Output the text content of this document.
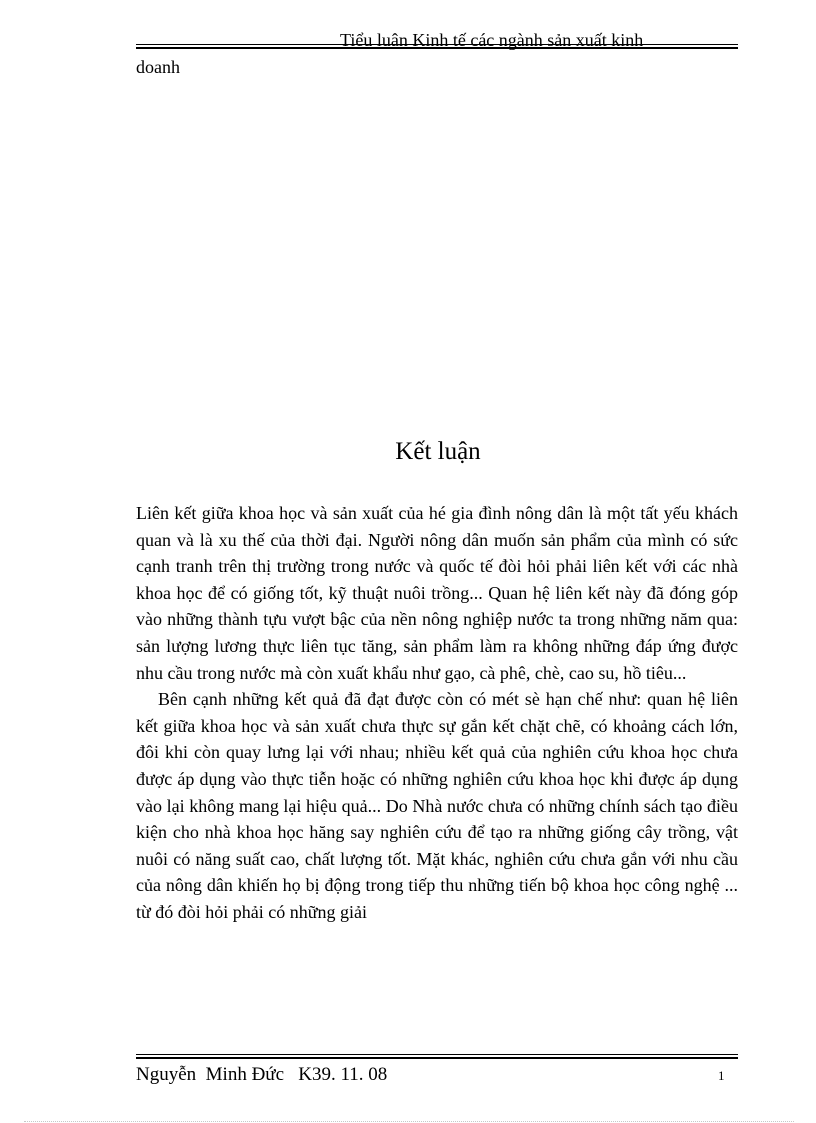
Tiểu luận Kinh tế các ngành sản xuất kinh
doanh
Kết luận

Liên kết giữa khoa học và sản xuất của hé gia đình nông dân là một tất yếu khách quan và là xu thế của thời đại. Người nông dân muốn sản phẩm của mình có sức cạnh tranh trên thị trường trong nước và quốc tế đòi hỏi phải liên kết với các nhà khoa học để có giống tốt, kỹ thuật nuôi trồng... Quan hệ liên kết này đã đóng góp vào những thành tựu vượt bậc của nền nông nghiệp nước ta trong những năm qua: sản lượng lương thực liên tục tăng, sản phẩm làm ra không những đáp ứng được nhu cầu trong nước mà còn xuất khẩu như gạo, cà phê, chè, cao su, hồ tiêu...

Bên cạnh những kết quả đã đạt được còn có mét sè hạn chế như: quan hệ liên kết giữa khoa học và sản xuất chưa thực sự gắn kết chặt chẽ, có khoảng cách lớn, đôi khi còn quay lưng lại với nhau; nhiều kết quả của nghiên cứu khoa học chưa được áp dụng vào thực tiễn hoặc có những nghiên cứu khoa học khi được áp dụng vào lại không mang lại hiệu quả... Do Nhà nước chưa có những chính sách tạo điều kiện cho nhà khoa học hăng say nghiên cứu để tạo ra những giống cây trồng, vật nuôi có năng suất cao, chất lượng tốt. Mặt khác, nghiên cứu chưa gắn với nhu cầu của nông dân khiến họ bị động trong tiếp thu những tiến bộ khoa học công nghệ ... từ đó đòi hỏi phải có những giải

Nguyễn  Minh Đức   K39. 11. 08	1
